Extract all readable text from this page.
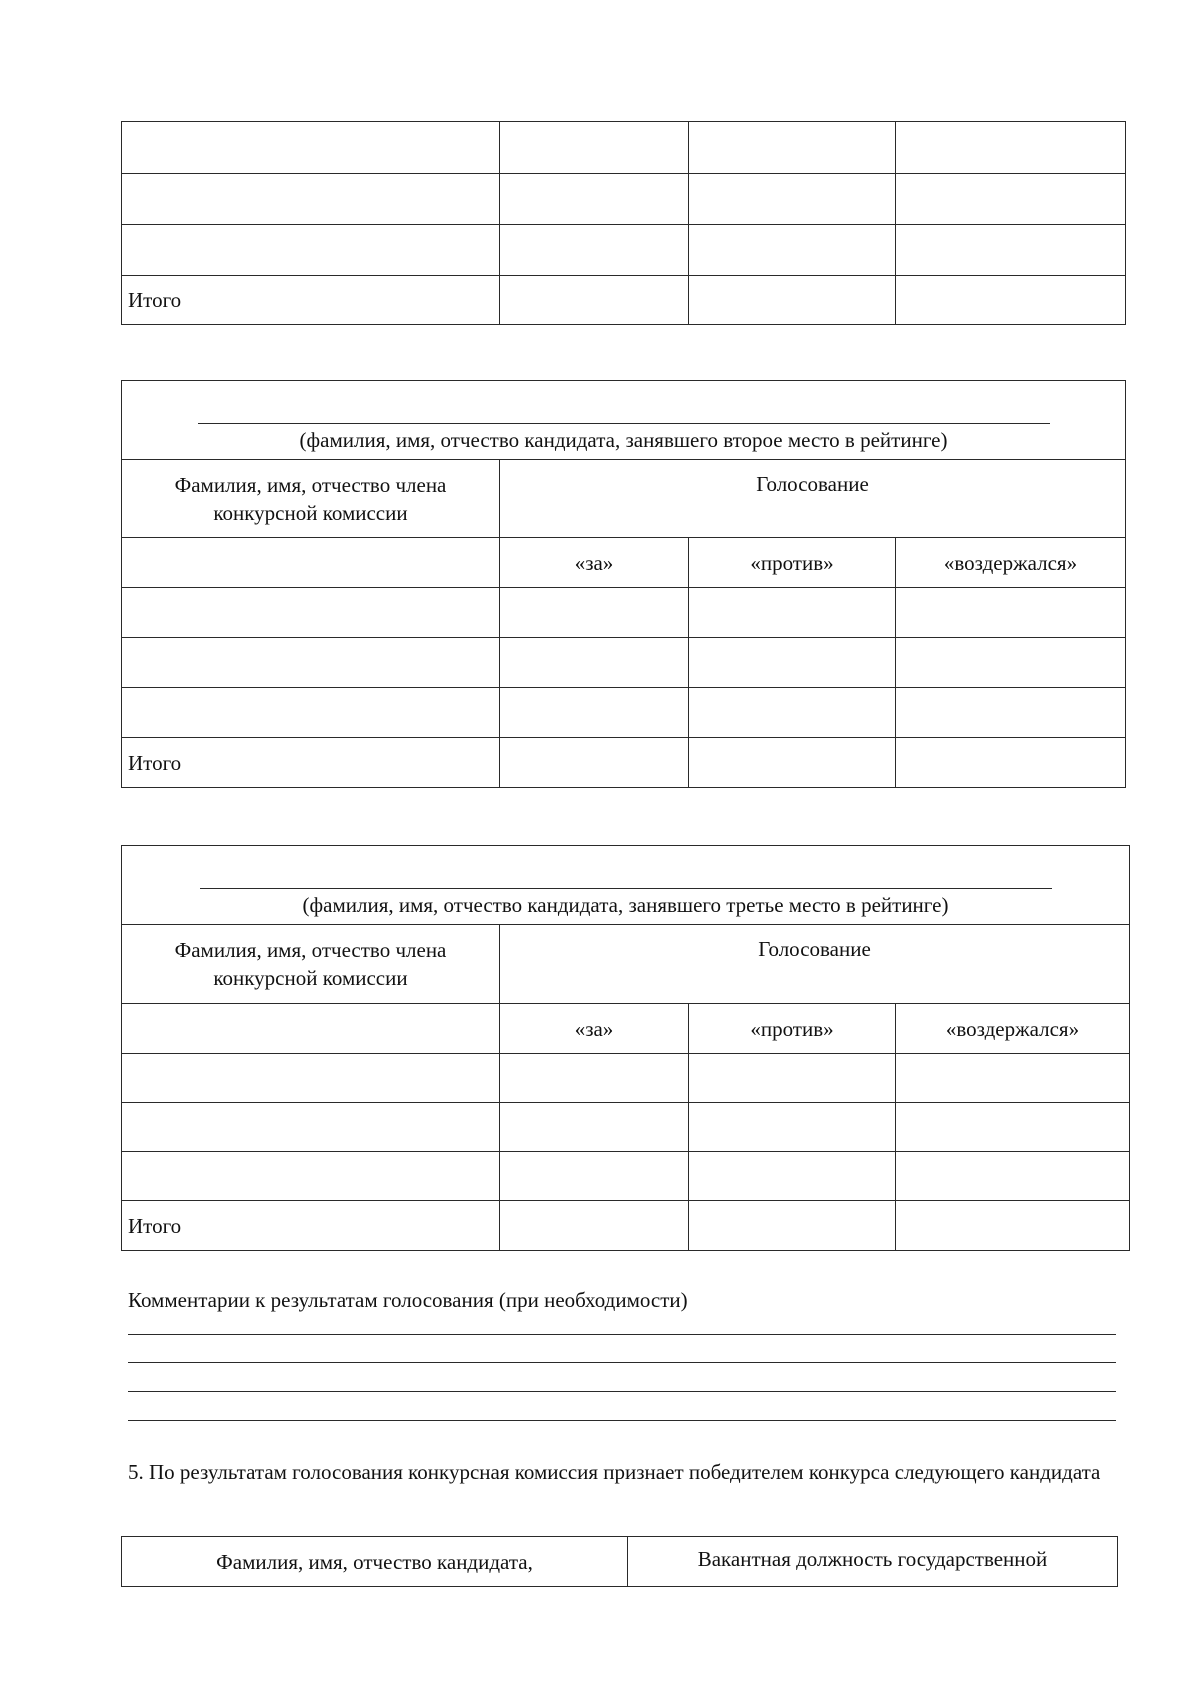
Итого			
(фамилия, имя, отчество кандидата, занявшего второе место в рейтинге)			

Фамилия, имя, отчество члена конкурсной комиссии	Голосование		
	«за»	«против»	«воздержался»

Итого			
(фамилия, имя, отчество кандидата, занявшего третье место в рейтинге)			

Фамилия, имя, отчество члена конкурсной комиссии	Голосование		
	«за»	«против»	«воздержался»

Итого			

Комментарии к результатам голосования (при необходимости)

5. По результатам голосования конкурсная комиссия признает победителем конкурса следующего кандидата

Фамилия, имя, отчество кандидата,	Вакантная должность государственной
